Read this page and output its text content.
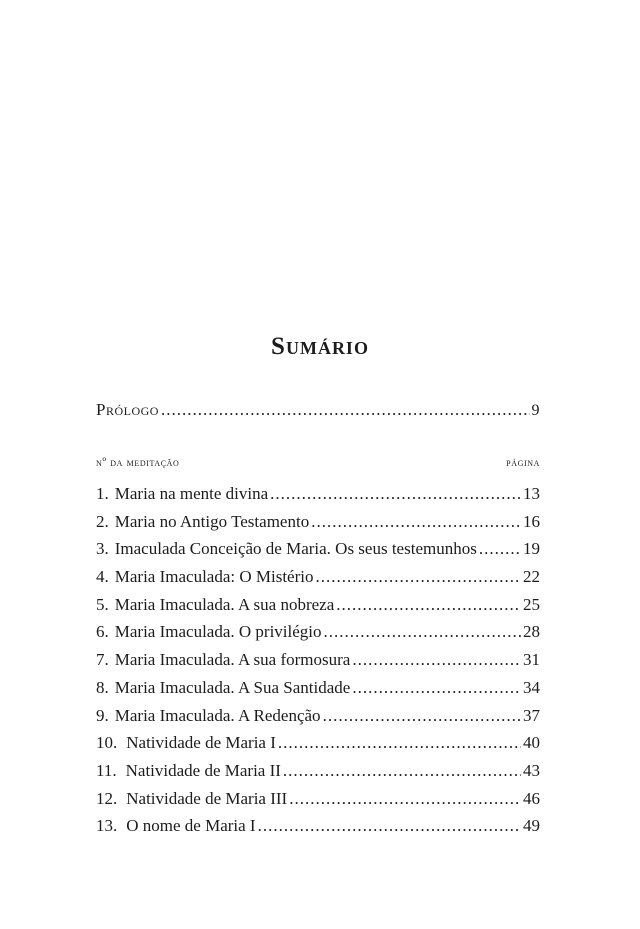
Sumário
Prólogo .....	9
nº da meditação	página
1. Maria na mente divina .....	13
2. Maria no Antigo Testamento .....	16
3. Imaculada Conceição de Maria. Os seus testemunhos .....	19
4. Maria Imaculada: O Mistério .....	22
5. Maria Imaculada. A sua nobreza .....	25
6. Maria Imaculada. O privilégio .....	28
7. Maria Imaculada. A sua formosura .....	31
8. Maria Imaculada. A Sua Santidade .....	34
9. Maria Imaculada. A Redenção .....	37
10. Natividade de Maria I .....	40
11. Natividade de Maria II .....	43
12. Natividade de Maria III .....	46
13. O nome de Maria I .....	49
